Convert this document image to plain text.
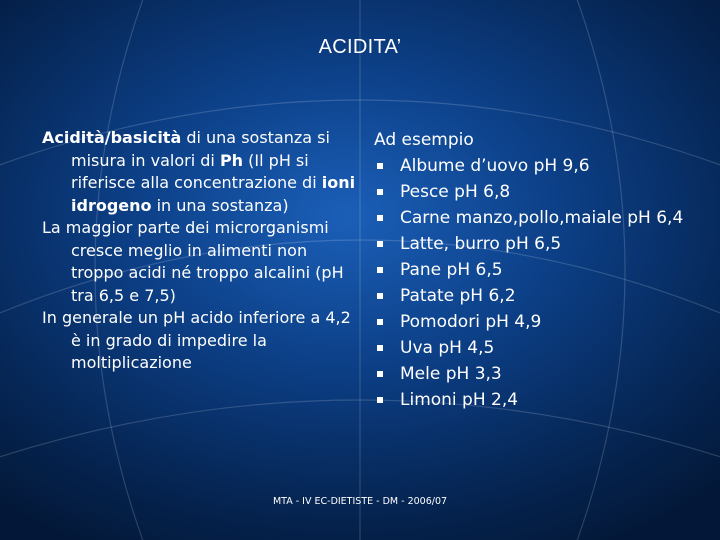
ACIDITA’

Acidità/basicità di una sostanza si misura in valori di Ph (Il pH si riferisce alla concentrazione di ioni idrogeno in una sostanza)

La maggior parte dei microrganismi cresce meglio in alimenti non troppo acidi né troppo alcalini (pH tra 6,5 e 7,5)

In generale un pH acido inferiore a 4,2 è in grado di impedire la moltiplicazione

Ad esempio

Albume d’uovo pH 9,6
Pesce pH 6,8
Carne manzo,pollo,maiale pH 6,4
Latte, burro pH 6,5
Pane pH 6,5
Patate pH 6,2
Pomodori pH 4,9
Uva pH 4,5
Mele pH 3,3
Limoni pH 2,4
MTA - IV EC-DIETISTE - DM - 2006/07
